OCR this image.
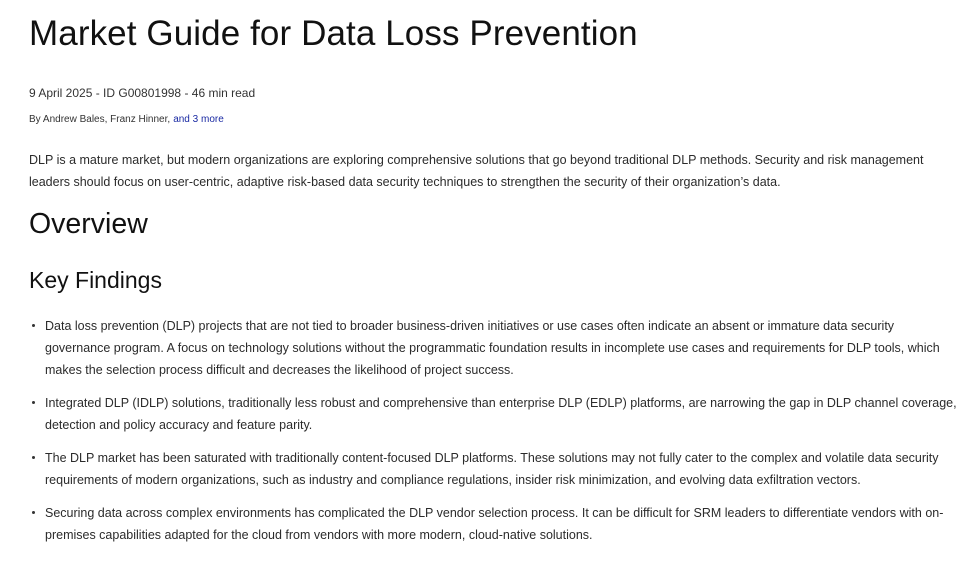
Market Guide for Data Loss Prevention
9 April 2025 - ID G00801998 - 46 min read
By Andrew Bales, Franz Hinner, and 3 more

DLP is a mature market, but modern organizations are exploring comprehensive solutions that go beyond traditional DLP methods. Security and risk management leaders should focus on user-centric, adaptive risk-based data security techniques to strengthen the security of their organization’s data.

Overview
Key Findings
Data loss prevention (DLP) projects that are not tied to broader business-driven initiatives or use cases often indicate an absent or immature data security governance program. A focus on technology solutions without the programmatic foundation results in incomplete use cases and requirements for DLP tools, which makes the selection process difficult and decreases the likelihood of project success.
Integrated DLP (IDLP) solutions, traditionally less robust and comprehensive than enterprise DLP (EDLP) platforms, are narrowing the gap in DLP channel coverage, detection and policy accuracy and feature parity.
The DLP market has been saturated with traditionally content-focused DLP platforms. These solutions may not fully cater to the complex and volatile data security requirements of modern organizations, such as industry and compliance regulations, insider risk minimization, and evolving data exfiltration vectors.
Securing data across complex environments has complicated the DLP vendor selection process. It can be difficult for SRM leaders to differentiate vendors with on-premises capabilities adapted for the cloud from vendors with more modern, cloud-native solutions.
